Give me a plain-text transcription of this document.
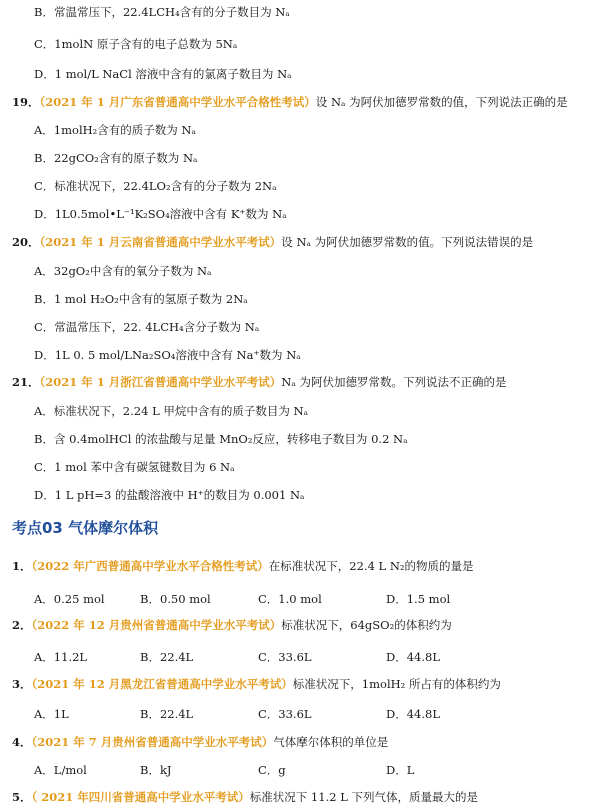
B．常温常压下，22.4LCH₄含有的分子数目为 Nₐ
C．1molN 原子含有的电子总数为 5Nₐ
D．1 mol/L NaCl 溶液中含有的氯离子数目为 Nₐ
19．（2021 年 1 月广东省普通高中学业水平合格性考试）设 Nₐ 为阿伏加德罗常数的值，下列说法正确的是
A．1molH₂含有的质子数为 Nₐ
B．22gCO₂含有的原子数为 Nₐ
C．标准状况下，22.4LO₂含有的分子数为 2Nₐ
D．1L0.5mol•L⁻¹K₂SO₄溶液中含有 K⁺数为 Nₐ
20．（2021 年 1 月云南省普通高中学业水平考试）设 Nₐ 为阿伏加德罗常数的值。下列说法错误的是
A．32gO₂中含有的氧分子数为 Nₐ
B．1 mol H₂O₂中含有的氢原子数为 2Nₐ
C．常温常压下，22. 4LCH₄含分子数为 Nₐ
D．1L 0. 5 mol/LNa₂SO₄溶液中含有 Na⁺数为 Nₐ
21．（2021 年 1 月浙江省普通高中学业水平考试）Nₐ 为阿伏加德罗常数。下列说法不正确的是
A．标准状况下，2.24 L 甲烷中含有的质子数目为 Nₐ
B．含 0.4molHCl 的浓盐酸与足量 MnO₂反应，转移电子数目为 0.2 Nₐ
C．1 mol 苯中含有碳氢键数目为 6 Nₐ
D．1 L pH=3 的盐酸溶液中 H⁺的数目为 0.001 Nₐ
考点03 气体摩尔体积
1．（2022 年广西普通高中学业水平合格性考试）在标准状况下，22.4 L N₂的物质的量是
A．0.25 mol	B．0.50 mol	C．1.0 mol	D．1.5 mol
2．（2022 年 12 月贵州省普通高中学业水平考试）标准状况下，64gSO₂的体积约为
A．11.2L	B．22.4L	C．33.6L	D．44.8L
3．（2021 年 12 月黑龙江省普通高中学业水平考试）标准状况下，1molH₂ 所占有的体积约为
A．1L	B．22.4L	C．33.6L	D．44.8L
4．（2021 年 7 月贵州省普通高中学业水平考试）气体摩尔体积的单位是
A．L/mol	B．kJ	C．g	D．L
5．（ 2021 年四川省普通高中学业水平考试）标准状况下 11.2 L 下列气体，质量最大的是
